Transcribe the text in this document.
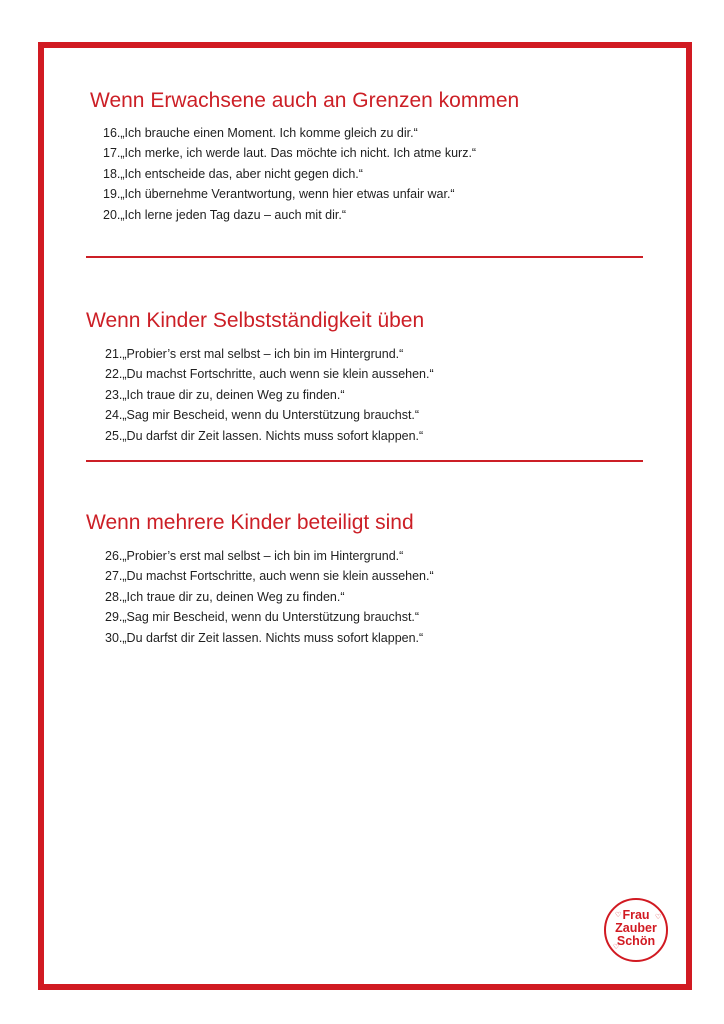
Wenn Erwachsene auch an Grenzen kommen
16.„Ich brauche einen Moment. Ich komme gleich zu dir.“
17.„Ich merke, ich werde laut. Das möchte ich nicht. Ich atme kurz.“
18.„Ich entscheide das, aber nicht gegen dich.“
19.„Ich übernehme Verantwortung, wenn hier etwas unfair war.“
20.„Ich lerne jeden Tag dazu – auch mit dir.“
Wenn Kinder Selbstständigkeit üben
21.„Probier’s erst mal selbst – ich bin im Hintergrund.“
22.„Du machst Fortschritte, auch wenn sie klein aussehen.“
23.„Ich traue dir zu, deinen Weg zu finden.“
24.„Sag mir Bescheid, wenn du Unterstützung brauchst.“
25.„Du darfst dir Zeit lassen. Nichts muss sofort klappen.“
Wenn mehrere Kinder beteiligt sind
26.„Probier’s erst mal selbst – ich bin im Hintergrund.“
27.„Du machst Fortschritte, auch wenn sie klein aussehen.“
28.„Ich traue dir zu, deinen Weg zu finden.“
29.„Sag mir Bescheid, wenn du Unterstützung brauchst.“
30.„Du darfst dir Zeit lassen. Nichts muss sofort klappen.“
Frau
Zauber
Schön
♡	♡
♡
